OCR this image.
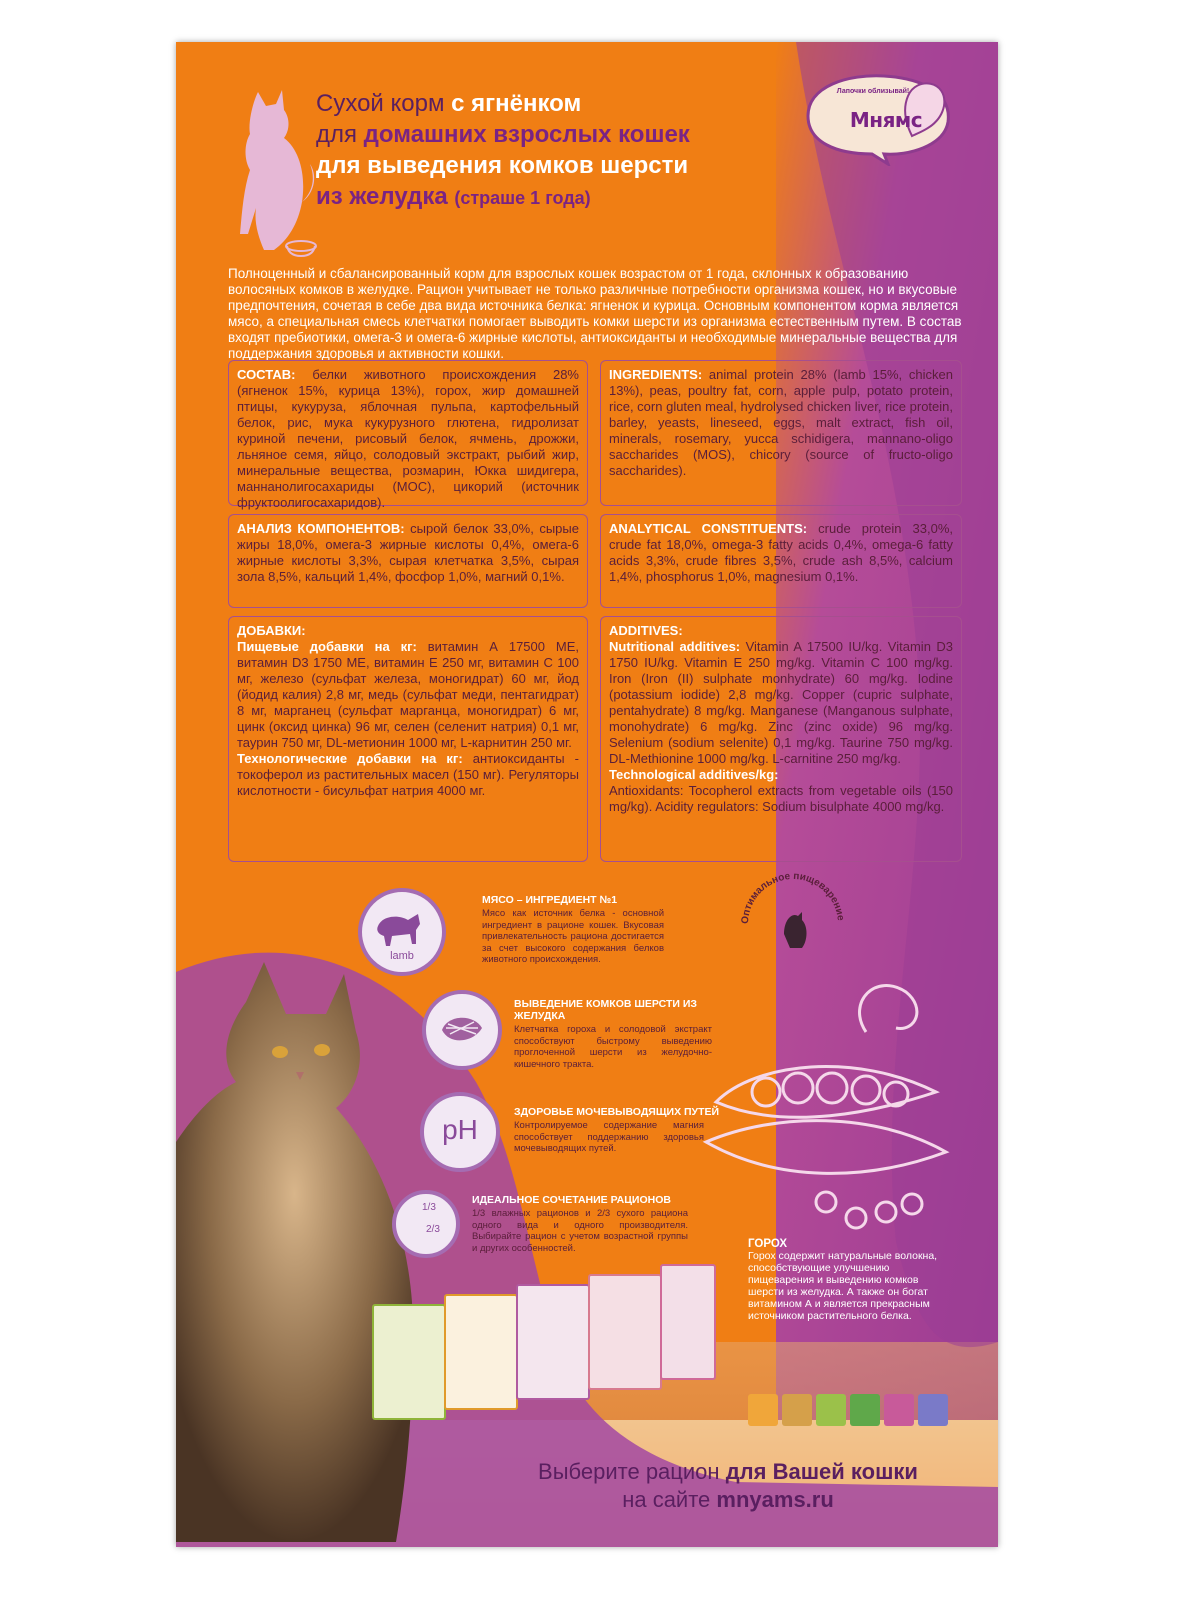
Сухой корм с ягнёнком
для домашних взрослых кошек
для выведения комков шерсти
из желудка (страше 1 года)
Лапочки облизывай!
Мнямс
Полноценный и сбалансированный корм для взрослых кошек возрастом от 1 года, склонных к образованию волосяных комков в желудке. Рацион учитывает не только различные потребности организма кошек, но и вкусовые предпочтения, сочетая в себе два вида источника белка: ягненок и курица. Основным компонентом корма является мясо, а специальная смесь клетчатки помогает выводить комки шерсти из организма естественным путем. В состав входят пребиотики, омега-3 и омега-6 жирные кислоты, антиоксиданты и необходимые минеральные вещества для поддержания здоровья и активности кошки.

СОСТАВ: белки животного происхождения 28% (ягненок 15%, курица 13%), горох, жир домашней птицы, кукуруза, яблочная пульпа, картофельный белок, рис, мука кукурузного глютена, гидролизат куриной печени, рисовый белок, ячмень, дрожжи, льняное семя, яйцо, солодовый экстракт, рыбий жир, минеральные вещества, розмарин, Юкка шидигера, маннанолигосахариды (МОС), цикорий (источник фруктоолигосахаридов).

INGREDIENTS: animal protein 28% (lamb 15%, chicken 13%), peas, poultry fat, corn, apple pulp, potato protein, rice, corn gluten meal, hydrolysed chicken liver, rice protein, barley, yeasts, lineseed, eggs, malt extract, fish oil, minerals, rosemary, yucca schidigera, mannano-oligo saccharides (MOS), chicory (source of fructo-oligo saccharides).

АНАЛИЗ КОМПОНЕНТОВ: сырой белок 33,0%, сырые жиры 18,0%, омега-3 жирные кислоты 0,4%, омега-6 жирные кислоты 3,3%, сырая клетчатка 3,5%, сырая зола 8,5%, кальций 1,4%, фосфор 1,0%, магний 0,1%.

ANALYTICAL CONSTITUENTS: crude protein 33,0%, crude fat 18,0%, omega-3 fatty acids 0,4%, omega-6 fatty acids 3,3%, crude fibres 3,5%, crude ash 8,5%, calcium 1,4%, phosphorus 1,0%, magnesium 0,1%.

ДОБАВКИ:

Пищевые добавки на кг: витамин А 17500 МЕ, витамин D3 1750 МЕ, витамин Е 250 мг, витамин С 100 мг, железо (сульфат железа, моногидрат) 60 мг, йод (йодид калия) 2,8 мг, медь (сульфат меди, пентагидрат) 8 мг, марганец (сульфат марганца, моногидрат) 6 мг, цинк (оксид цинка) 96 мг, селен (селенит натрия) 0,1 мг, таурин 750 мг, DL-метионин 1000 мг, L-карнитин 250 мг.

Технологические добавки на кг: антиоксиданты - токоферол из растительных масел (150 мг). Регуляторы кислотности - бисульфат натрия 4000 мг.

ADDITIVES:

Nutritional additives: Vitamin A 17500 IU/kg. Vitamin D3 1750 IU/kg. Vitamin E 250 mg/kg. Vitamin C 100 mg/kg. Iron (Iron (II) sulphate monhydrate) 60 mg/kg. Iodine (potassium iodide) 2,8 mg/kg. Copper (cupric sulphate, pentahydrate) 8 mg/kg. Manganese (Manganous sulphate, monohydrate) 6 mg/kg. Zinc (zinc oxide) 96 mg/kg. Selenium (sodium selenite) 0,1 mg/kg. Taurine 750 mg/kg. DL-Methionine 1000 mg/kg. L-carnitine 250 mg/kg.

Technological additives/kg:

Antioxidants: Tocopherol extracts from vegetable oils (150 mg/kg). Acidity regulators: Sodium bisulphate 4000 mg/kg.

lamb
МЯСО – ИНГРЕДИЕНТ №1
Мясо как источник белка - основной ингредиент в рационе кошек. Вкусовая привлекательность рациона достигается за счет высокого содержания белков животного происхождения.
ВЫВЕДЕНИЕ КОМКОВ ШЕРСТИ ИЗ ЖЕЛУДКА
Клетчатка гороха и солодовой экстракт способствуют быстрому выведению проглоченной шерсти из желудочно-кишечного тракта.
pH
ЗДОРОВЬЕ МОЧЕВЫВОДЯЩИХ ПУТЕЙ
Контролируемое содержание магния способствует поддержанию здоровья мочевыводящих путей.
1/3
2/3
ИДЕАЛЬНОЕ СОЧЕТАНИЕ РАЦИОНОВ
1/3 влажных рационов и 2/3 сухого рациона одного вида и одного производителя. Выбирайте рацион с учетом возрастной группы и других особенностей.
Оптимальное пищеварение
ГОРОХ
Горох содержит натуральные волокна, способствующие улучшению пищеварения и выведению комков шерсти из желудка. А также он богат витамином А и является прекрасным источником растительного белка.
Выберите рацион для Вашей кошки
на сайте mnyams.ru
